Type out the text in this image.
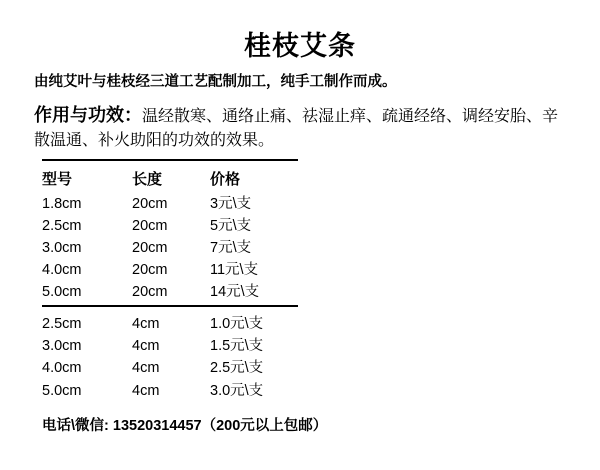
桂枝艾条
由纯艾叶与桂枝经三道工艺配制加工，纯手工制作而成。
作用与功效：温经散寒、通络止痛、祛湿止痒、疏通经络、调经安胎、辛散温通、补火助阳的功效的效果。
型号	长度	价格
1.8cm	20cm	3元\支
2.5cm	20cm	5元\支
3.0cm	20cm	7元\支
4.0cm	20cm	11元\支
5.0cm	20cm	14元\支
2.5cm	4cm	1.0元\支
3.0cm	4cm	1.5元\支
4.0cm	4cm	2.5元\支
5.0cm	4cm	3.0元\支
电话\微信: 13520314457（200元以上包邮）
